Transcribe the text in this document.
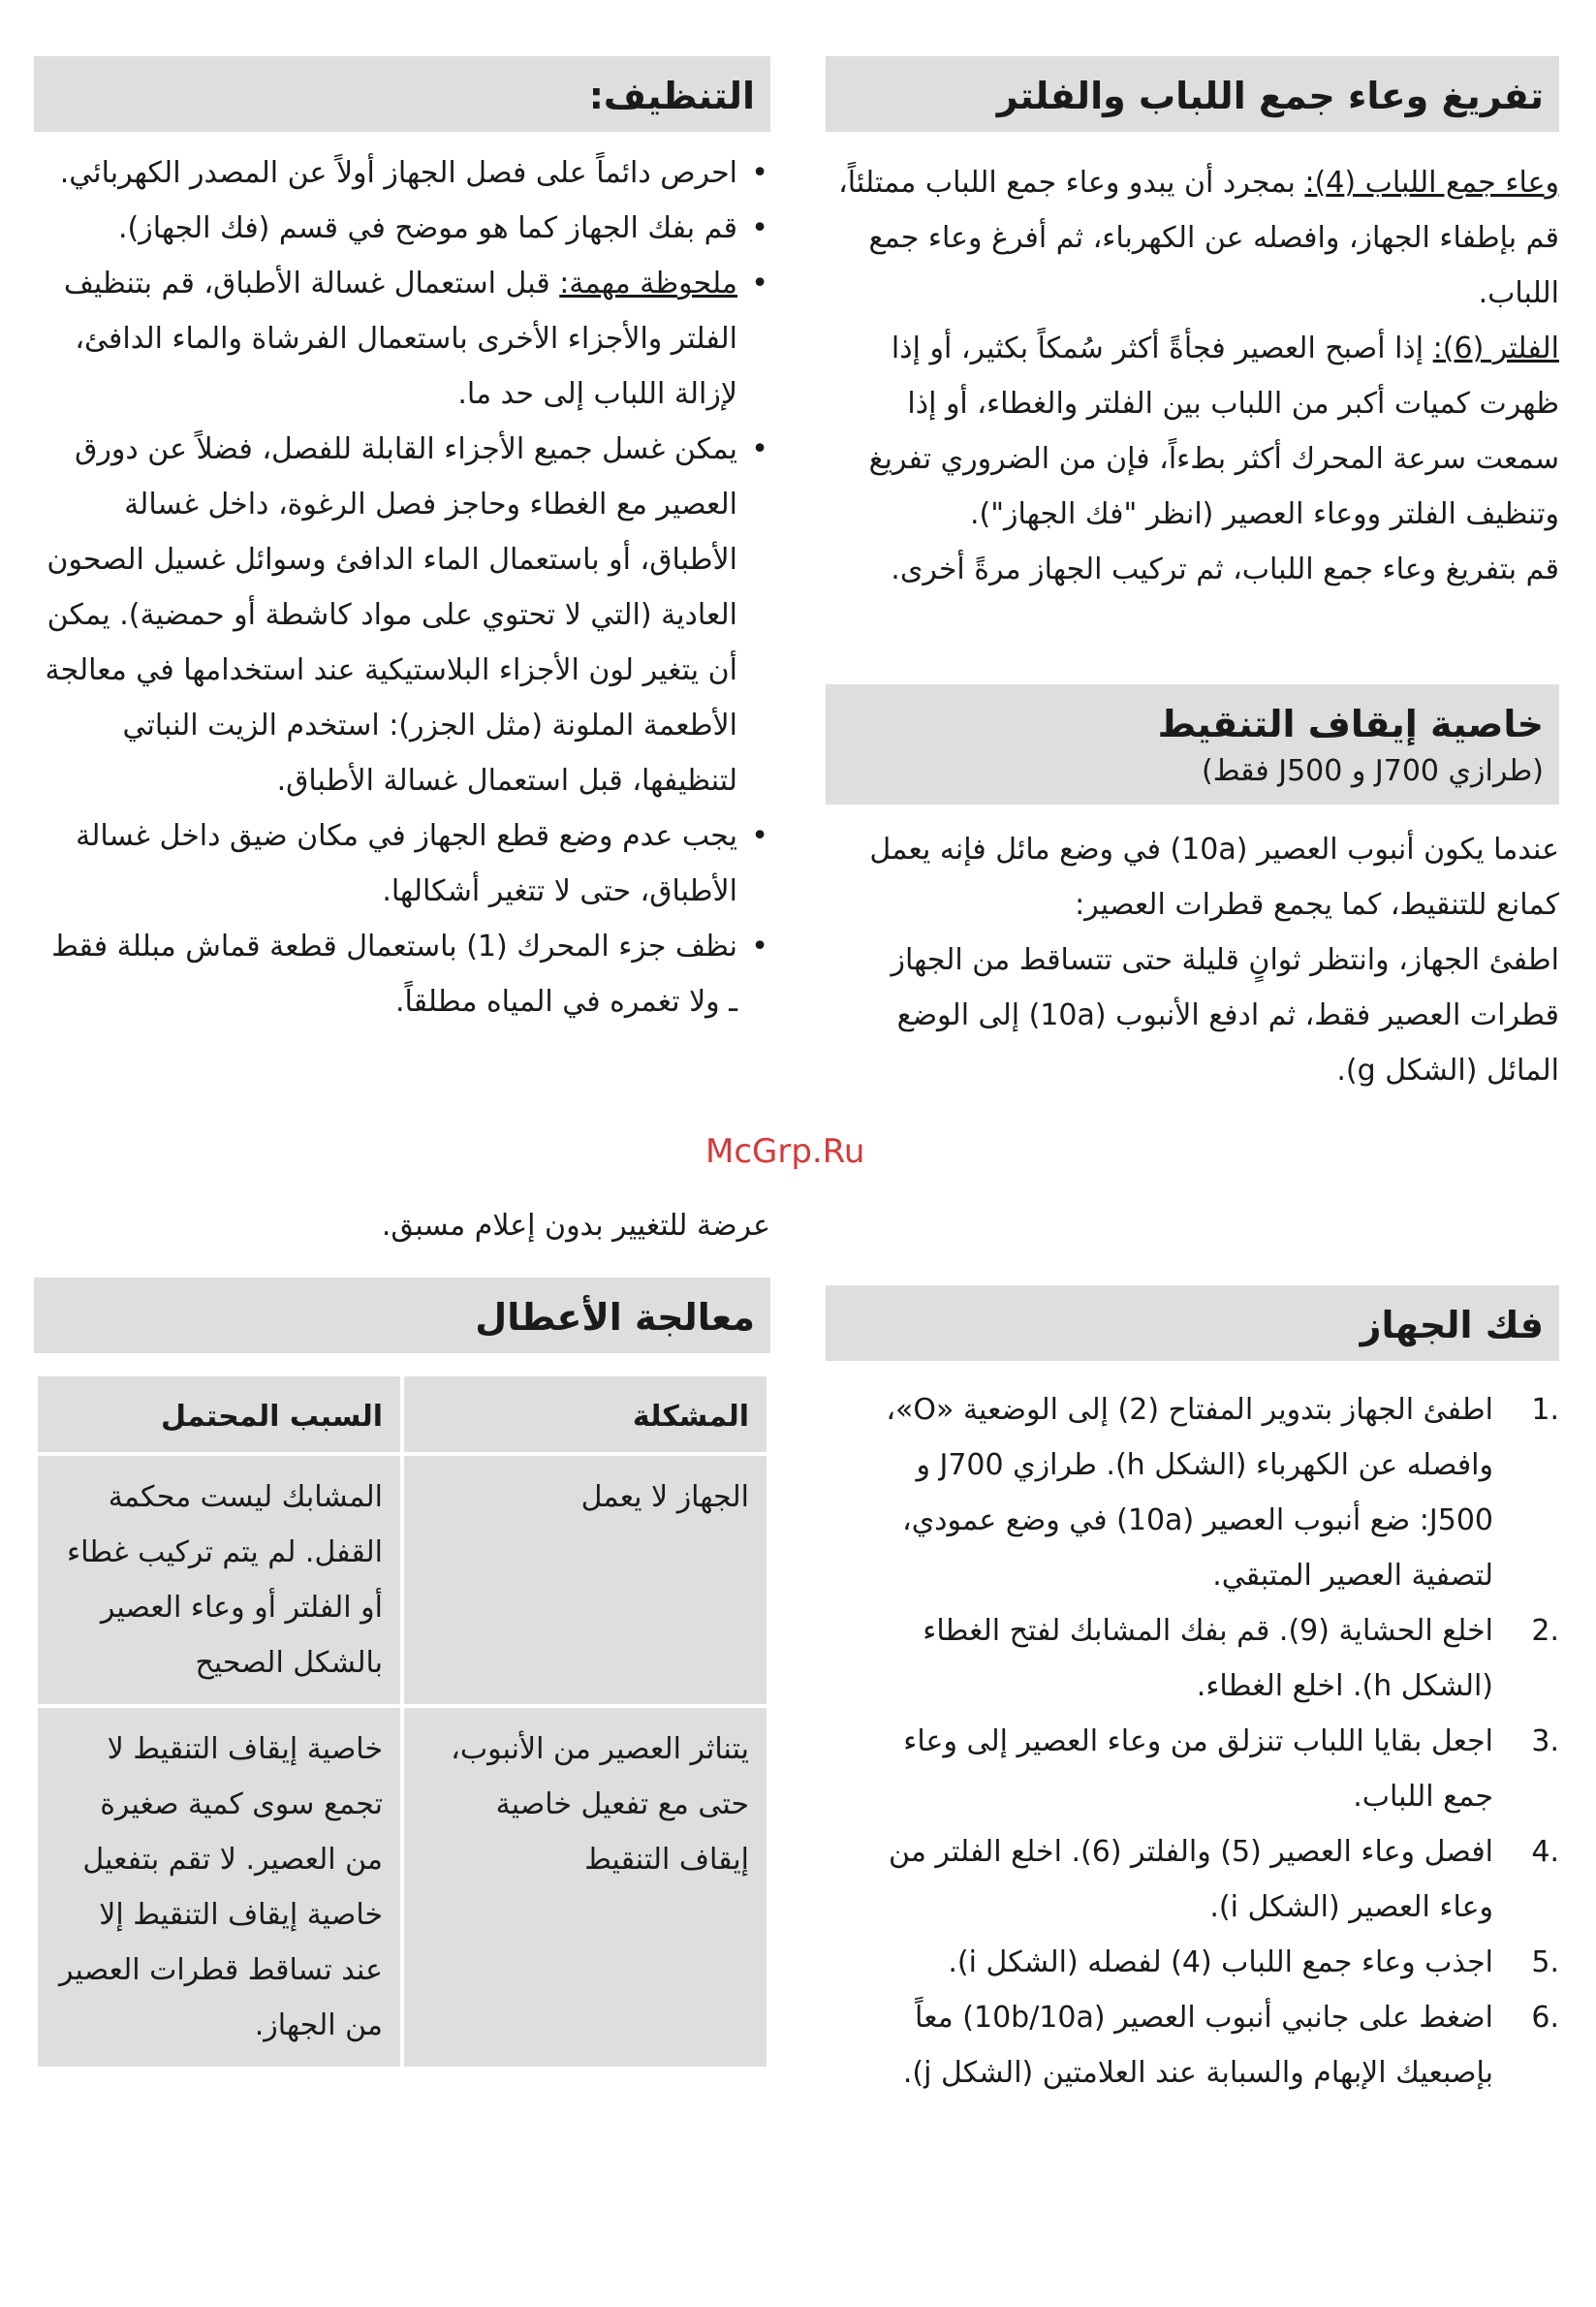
تفريغ وعاء جمع اللباب والفلتر

وعاء جمع اللباب (4): بمجرد أن يبدو وعاء جمع اللباب ممتلئاً، قم بإطفاء الجهاز، وافصله عن الكهرباء، ثم أفرغ وعاء جمع اللباب.

الفلتر (6): إذا أصبح العصير فجأةً أكثر سُمكاً بكثير، أو إذا ظهرت كميات أكبر من اللباب بين الفلتر والغطاء، أو إذا سمعت سرعة المحرك أكثر بطءاً، فإن من الضروري تفريغ وتنظيف الفلتر ووعاء العصير (انظر "فك الجهاز").

قم بتفريغ وعاء جمع اللباب، ثم تركيب الجهاز مرةً أخرى.

خاصية إيقاف التنقيط
(طرازي J700 و J500 فقط)

عندما يكون أنبوب العصير (10a) في وضع مائل فإنه يعمل كمانع للتنقيط، كما يجمع قطرات العصير:

اطفئ الجهاز، وانتظر ثوانٍ قليلة حتى تتساقط من الجهاز قطرات العصير فقط، ثم ادفع الأنبوب (10a) إلى الوضع المائل (الشكل g).

فك الجهاز
1.
اطفئ الجهاز بتدوير المفتاح (2) إلى الوضعية «O»، وافصله عن الكهرباء (الشكل h). طرازي J700 و J500: ضع أنبوب العصير (10a) في وضع عمودي، لتصفية العصير المتبقي.
2.
اخلع الحشاية (9). قم بفك المشابك لفتح الغطاء (الشكل h). اخلع الغطاء.
3.
اجعل بقايا اللباب تنزلق من وعاء العصير إلى وعاء جمع اللباب.
4.
افصل وعاء العصير (5) والفلتر (6). اخلع الفلتر من وعاء العصير (الشكل i).
5.
اجذب وعاء جمع اللباب (4) لفصله (الشكل i).
6.
اضغط على جانبي أنبوب العصير (10b/10a) معاً بإصبعيك الإبهام والسبابة عند العلامتين (الشكل j).
التنظيف:
• احرص دائماً على فصل الجهاز أولاً عن المصدر الكهربائي.
• قم بفك الجهاز كما هو موضح في قسم (فك الجهاز).
• ملحوظة مهمة: قبل استعمال غسالة الأطباق، قم بتنظيف الفلتر والأجزاء الأخرى باستعمال الفرشاة والماء الدافئ، لإزالة اللباب إلى حد ما.
• يمكن غسل جميع الأجزاء القابلة للفصل، فضلاً عن دورق العصير مع الغطاء وحاجز فصل الرغوة، داخل غسالة الأطباق، أو باستعمال الماء الدافئ وسوائل غسيل الصحون العادية (التي لا تحتوي على مواد كاشطة أو حمضية). يمكن أن يتغير لون الأجزاء البلاستيكية عند استخدامها في معالجة الأطعمة الملونة (مثل الجزر): استخدم الزيت النباتي لتنظيفها، قبل استعمال غسالة الأطباق.
• يجب عدم وضع قطع الجهاز في مكان ضيق داخل غسالة الأطباق، حتى لا تتغير أشكالها.
• نظف جزء المحرك (1) باستعمال قطعة قماش مبللة فقط ـ ولا تغمره في المياه مطلقاً.
معالجة الأعطال
المشكلة	السبب المحتمل
الجهاز لا يعمل	المشابك ليست محكمة القفل. لم يتم تركيب غطاء أو الفلتر أو وعاء العصير بالشكل الصحيح
يتناثر العصير من الأنبوب، حتى مع تفعيل خاصية إيقاف التنقيط	خاصية إيقاف التنقيط لا تجمع سوى كمية صغيرة من العصير. لا تقم بتفعيل خاصية إيقاف التنقيط إلا عند تساقط قطرات العصير من الجهاز.
McGrp.Ru
عرضة للتغيير بدون إعلام مسبق.
